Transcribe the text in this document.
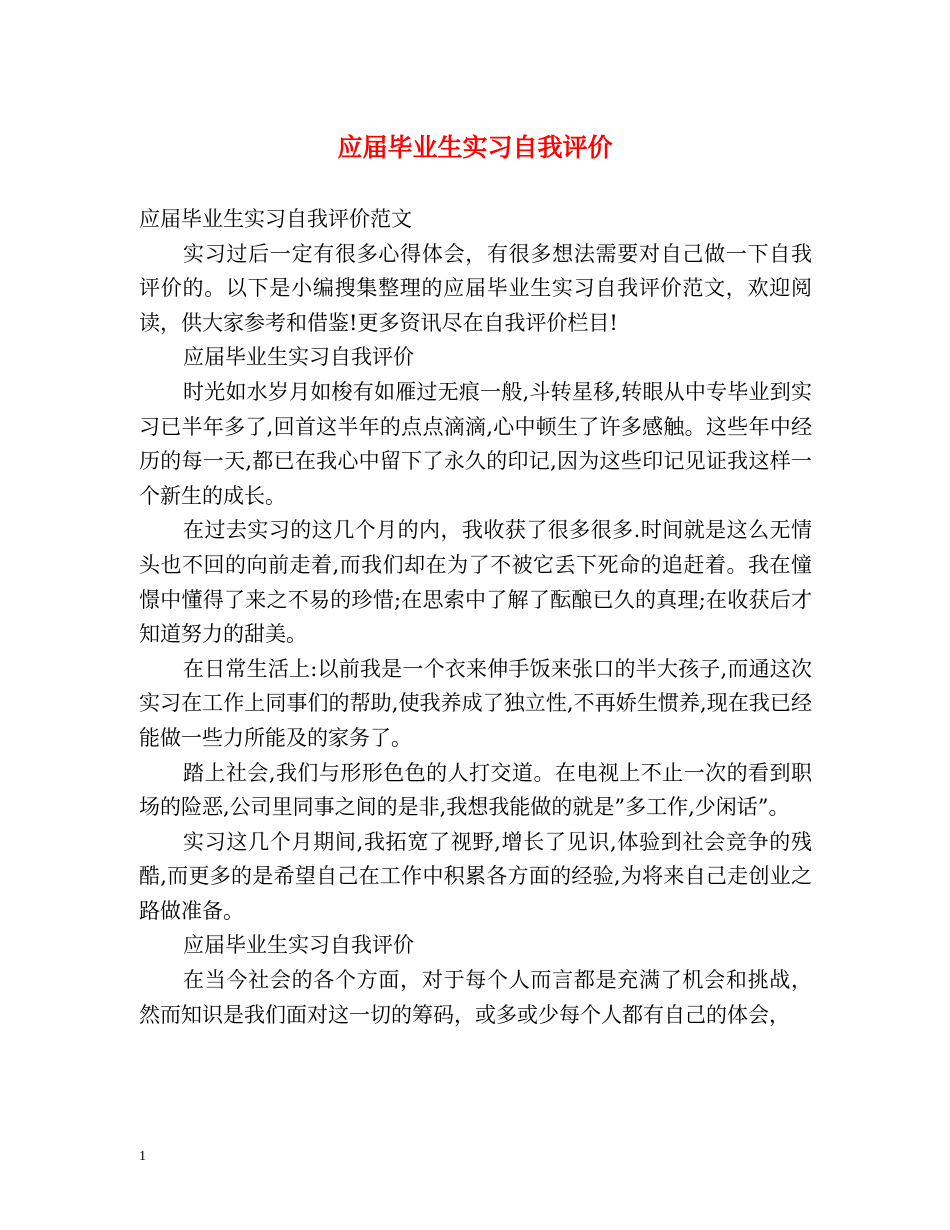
应届毕业生实习自我评价

应届毕业生实习自我评价范文

实习过后一定有很多心得体会，有很多想法需要对自己做一下自我评价的。以下是小编搜集整理的应届毕业生实习自我评价范文，欢迎阅读，供大家参考和借鉴!更多资讯尽在自我评价栏目!

应届毕业生实习自我评价

时光如水岁月如梭有如雁过无痕一般,斗转星移,转眼从中专毕业到实习已半年多了,回首这半年的点点滴滴,心中顿生了许多感触。这些年中经历的每一天,都已在我心中留下了永久的印记,因为这些印记见证我这样一个新生的成长。

在过去实习的这几个月的内，我收获了很多很多.时间就是这么无情头也不回的向前走着,而我们却在为了不被它丢下死命的追赶着。我在憧憬中懂得了来之不易的珍惜;在思索中了解了酝酿已久的真理;在收获后才知道努力的甜美。

在日常生活上:以前我是一个衣来伸手饭来张口的半大孩子,而通这次实习在工作上同事们的帮助,使我养成了独立性,不再娇生惯养,现在我已经能做一些力所能及的家务了。

踏上社会,我们与形形色色的人打交道。在电视上不止一次的看到职场的险恶,公司里同事之间的是非,我想我能做的就是”多工作,少闲话”。

实习这几个月期间,我拓宽了视野,增长了见识,体验到社会竞争的残酷,而更多的是希望自己在工作中积累各方面的经验,为将来自己走创业之路做准备。

应届毕业生实习自我评价

在当今社会的各个方面，对于每个人而言都是充满了机会和挑战，然而知识是我们面对这一切的筹码，或多或少每个人都有自己的体会，

1
